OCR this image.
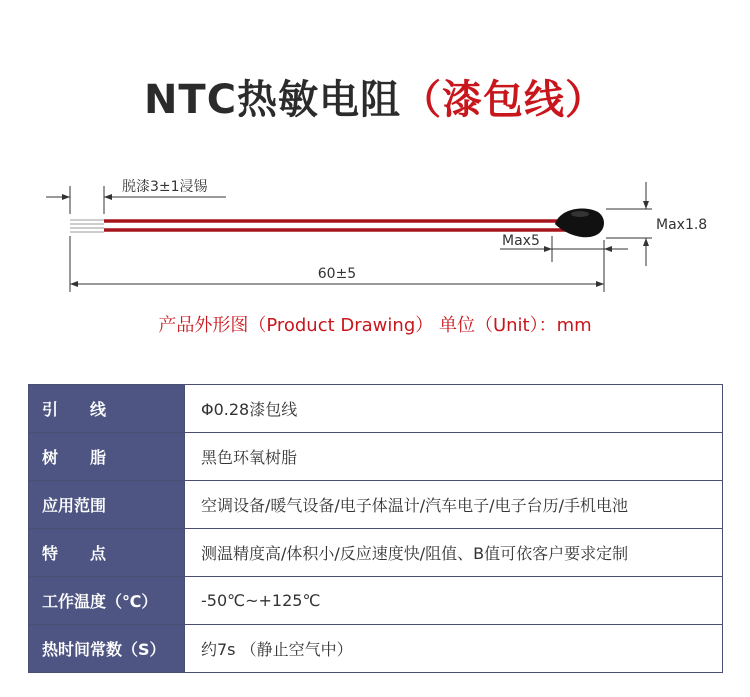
NTC热敏电阻（漆包线）
脱漆3±1浸锡
60±5
Max5
Max1.8
产品外形图（Product Drawing） 单位（Unit）：mm
引　　线	Φ0.28漆包线
树　　脂	黑色环氧树脂
应用范围	空调设备/暖气设备/电子体温计/汽车电子/电子台历/手机电池
特　　点	测温精度高/体积小/反应速度快/阻值、B值可依客户要求定制
工作温度（℃）	-50℃~+125℃
热时间常数（S）	约7s （静止空气中）
